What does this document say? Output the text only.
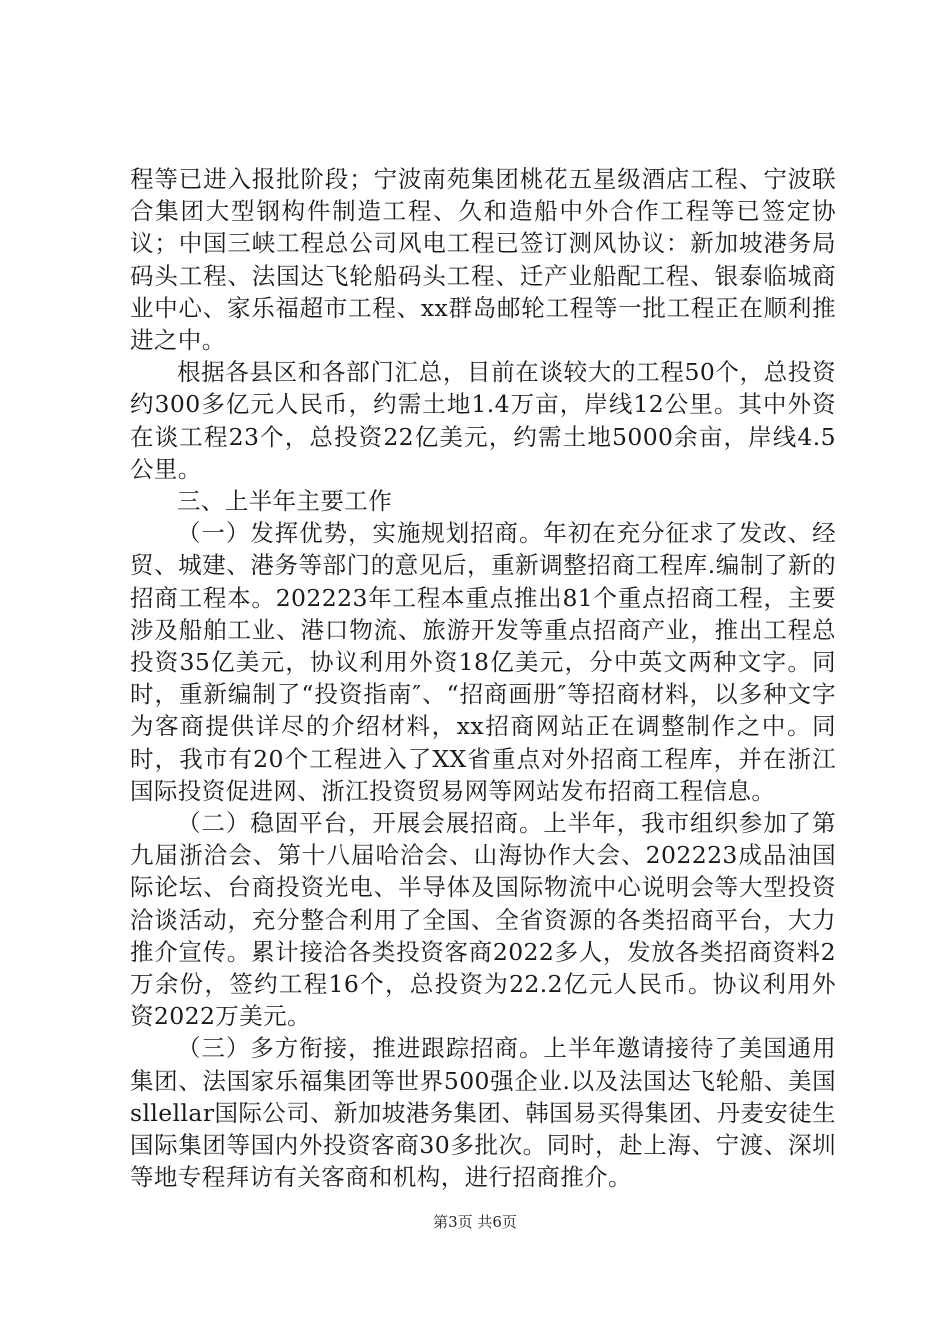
程等已进入报批阶段；宁波南苑集团桃花五星级酒店工程、宁波联合集团大型钢构件制造工程、久和造船中外合作工程等已签定协议；中国三峡工程总公司风电工程已签订测风协议：新加坡港务局码头工程、法国达飞轮船码头工程、迁产业船配工程、银泰临城商业中心、家乐福超市工程、xx群岛邮轮工程等一批工程正在顺利推进之中。

根据各县区和各部门汇总，目前在谈较大的工程50个，总投资约300多亿元人民币，约需土地1.4万亩，岸线12公里。其中外资在谈工程23个，总投资22亿美元，约需土地5000余亩，岸线4.5公里。

三、上半年主要工作

（一）发挥优势，实施规划招商。年初在充分征求了发改、经贸、城建、港务等部门的意见后，重新调整招商工程库.编制了新的招商工程本。202223年工程本重点推出81个重点招商工程，主要涉及船舶工业、港口物流、旅游开发等重点招商产业，推出工程总投资35亿美元，协议利用外资18亿美元，分中英文两种文字。同时，重新编制了“投资指南″、“招商画册″等招商材料，以多种文字为客商提供详尽的介绍材料，xx招商网站正在调整制作之中。同时，我市有20个工程进入了XX省重点对外招商工程库，并在浙江国际投资促进网、浙江投资贸易网等网站发布招商工程信息。

（二）稳固平台，开展会展招商。上半年，我市组织参加了第九届浙洽会、第十八届哈洽会、山海协作大会、202223成品油国际论坛、台商投资光电、半导体及国际物流中心说明会等大型投资洽谈活动，充分整合利用了全国、全省资源的各类招商平台，大力推介宣传。累计接洽各类投资客商2022多人，发放各类招商资料2万余份，签约工程16个，总投资为22.2亿元人民币。协议利用外资2022万美元。

（三）多方衔接，推进跟踪招商。上半年邀请接待了美国通用集团、法国家乐福集团等世界500强企业.以及法国达飞轮船、美国sllellar国际公司、新加坡港务集团、韩国易买得集团、丹麦安徒生国际集团等国内外投资客商30多批次。同时，赴上海、宁渡、深圳等地专程拜访有关客商和机构，进行招商推介。

第3页 共6页
